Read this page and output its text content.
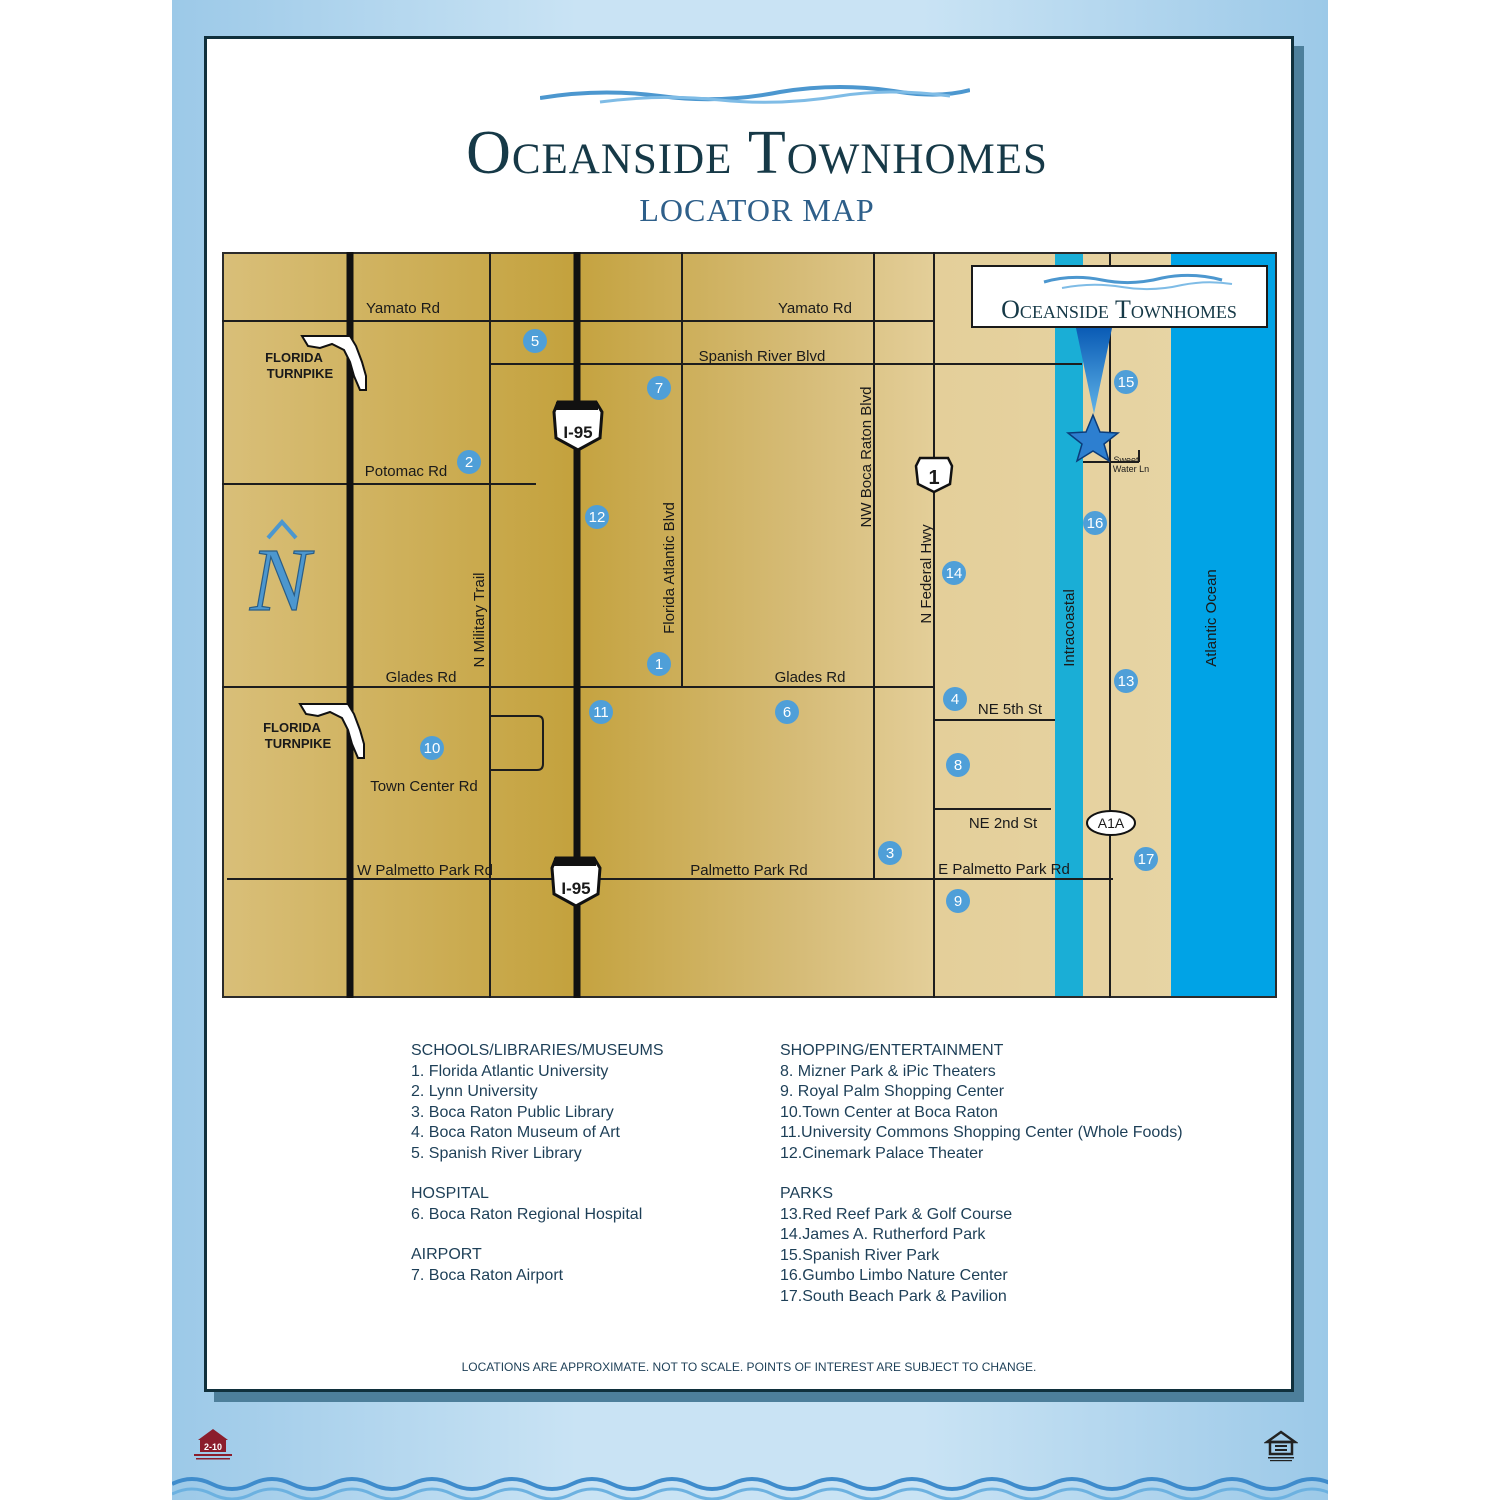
Oceanside Townhomes
LOCATOR MAP
N
Yamato Rd	Yamato Rd
Spanish River Blvd
Potomac Rd
Glades Rd	Glades Rd
Town Center Rd
W Palmetto Park Rd	Palmetto Park Rd	E Palmetto Park Rd
NE 5th St
NE 2nd St
N Military Trail	Florida Atlantic Blvd
NW Boca Raton Blvd
N Federal Hwy
Intracoastal	Atlantic Ocean
Sweet
Water Ln
FLORIDA
TURNPIKE
FLORIDA
TURNPIKE
I-95
I-95
1
A1A
Oceanside Townhomes
1
2
3
4
5
6
7
8
9
10
11
12
13
14
15
16
17
SCHOOLS/LIBRARIES/MUSEUMS
1. Florida Atlantic University
2. Lynn University
3. Boca Raton Public Library
4. Boca Raton Museum of Art
5. Spanish River Library
HOSPITAL
6. Boca Raton Regional Hospital
AIRPORT
7. Boca Raton Airport
SHOPPING/ENTERTAINMENT
8. Mizner Park & iPic Theaters
9. Royal Palm Shopping Center
10.Town Center at Boca Raton
11.University Commons Shopping Center (Whole Foods)
12.Cinemark Palace Theater
PARKS
13.Red Reef Park & Golf Course
14.James A. Rutherford Park
15.Spanish River Park
16.Gumbo Limbo Nature Center
17.South Beach Park & Pavilion
LOCATIONS ARE APPROXIMATE. NOT TO SCALE. POINTS OF INTEREST ARE SUBJECT TO CHANGE.
2-10
